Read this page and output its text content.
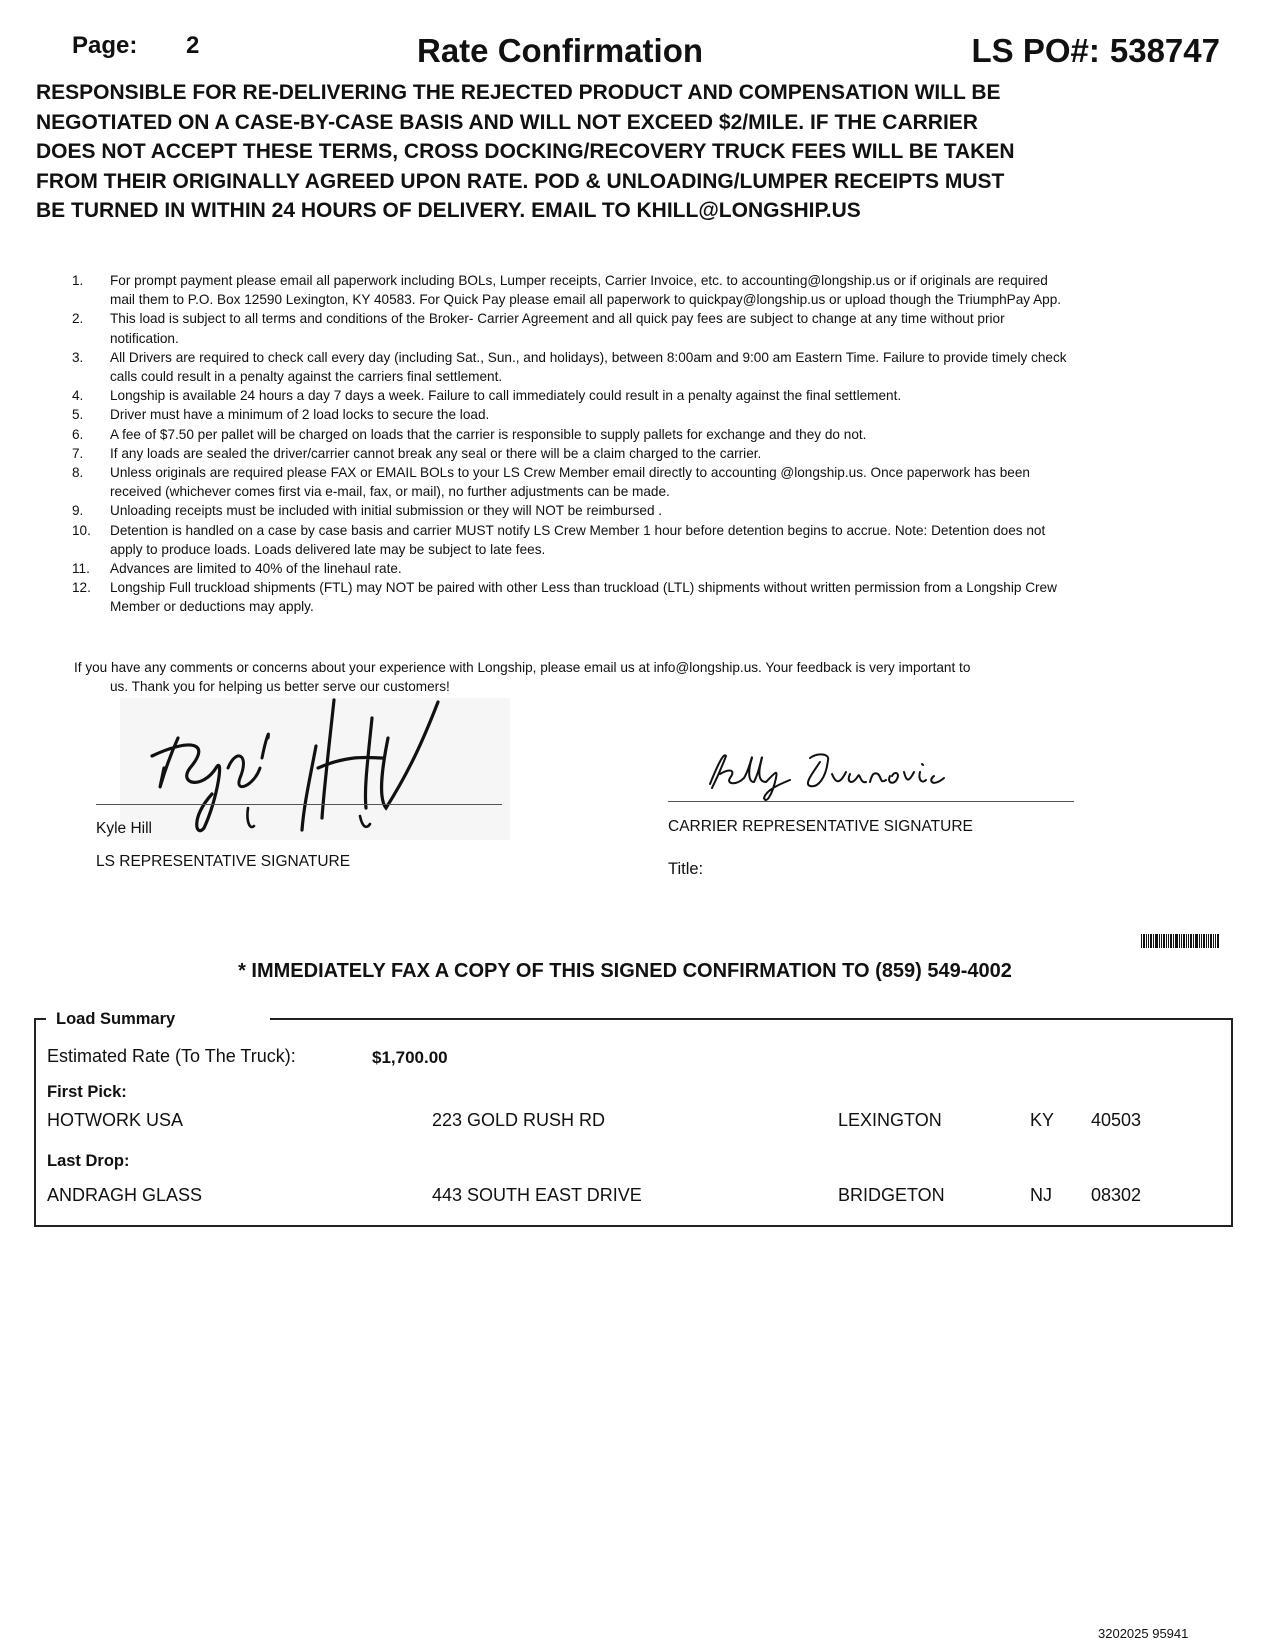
Page: 2	Rate Confirmation	LS PO#: 538747
RESPONSIBLE FOR RE-DELIVERING THE REJECTED PRODUCT AND COMPENSATION WILL BE
NEGOTIATED ON A CASE-BY-CASE BASIS AND WILL NOT EXCEED $2/MILE. IF THE CARRIER
DOES NOT ACCEPT THESE TERMS, CROSS DOCKING/RECOVERY TRUCK FEES WILL BE TAKEN
FROM THEIR ORIGINALLY AGREED UPON RATE. POD & UNLOADING/LUMPER RECEIPTS MUST
BE TURNED IN WITHIN 24 HOURS OF DELIVERY. EMAIL TO KHILL@LONGSHIP.US
1.	For prompt payment please email all paperwork including BOLs, Lumper receipts, Carrier Invoice, etc. to accounting@longship.us or if originals are required mail them to P.O. Box 12590 Lexington, KY 40583. For Quick Pay please email all paperwork to quickpay@longship.us or upload though the TriumphPay App.
2.	This load is subject to all terms and conditions of the Broker- Carrier Agreement and all quick pay fees are subject to change at any time without prior notification.
3.	All Drivers are required to check call every day (including Sat., Sun., and holidays), between 8:00am and 9:00 am Eastern Time. Failure to provide timely check calls could result in a penalty against the carriers final settlement.
4.	Longship is available 24 hours a day 7 days a week. Failure to call immediately could result in a penalty against the final settlement.
5.	Driver must have a minimum of 2 load locks to secure the load.
6.	A fee of $7.50 per pallet will be charged on loads that the carrier is responsible to supply pallets for exchange and they do not.
7.	If any loads are sealed the driver/carrier cannot break any seal or there will be a claim charged to the carrier.
8.	Unless originals are required please FAX or EMAIL BOLs to your LS Crew Member email directly to accounting @longship.us. Once paperwork has been received (whichever comes first via e-mail, fax, or mail), no further adjustments can be made.
9.	Unloading receipts must be included with initial submission or they will NOT be reimbursed .
10.	Detention is handled on a case by case basis and carrier MUST notify LS Crew Member 1 hour before detention begins to accrue. Note: Detention does not apply to produce loads. Loads delivered late may be subject to late fees.
11.	Advances are limited to 40% of the linehaul rate.
12.	Longship Full truckload shipments (FTL) may NOT be paired with other Less than truckload (LTL) shipments without written permission from a Longship Crew Member or deductions may apply.
If you have any comments or concerns about your experience with Longship, please email us at info@longship.us. Your feedback is very important to
us. Thank you for helping us better serve our customers!
Kyle Hill
LS REPRESENTATIVE SIGNATURE
CARRIER REPRESENTATIVE SIGNATURE
Title:
* IMMEDIATELY FAX A COPY OF THIS SIGNED CONFIRMATION TO (859) 549-4002
Load Summary
Estimated Rate (To The Truck):	$1,700.00
First Pick:
HOTWORK USA	223 GOLD RUSH RD	LEXINGTON	KY 40503
Last Drop:
ANDRAGH GLASS	443 SOUTH EAST DRIVE	BRIDGETON	NJ 08302
3202025 95941
